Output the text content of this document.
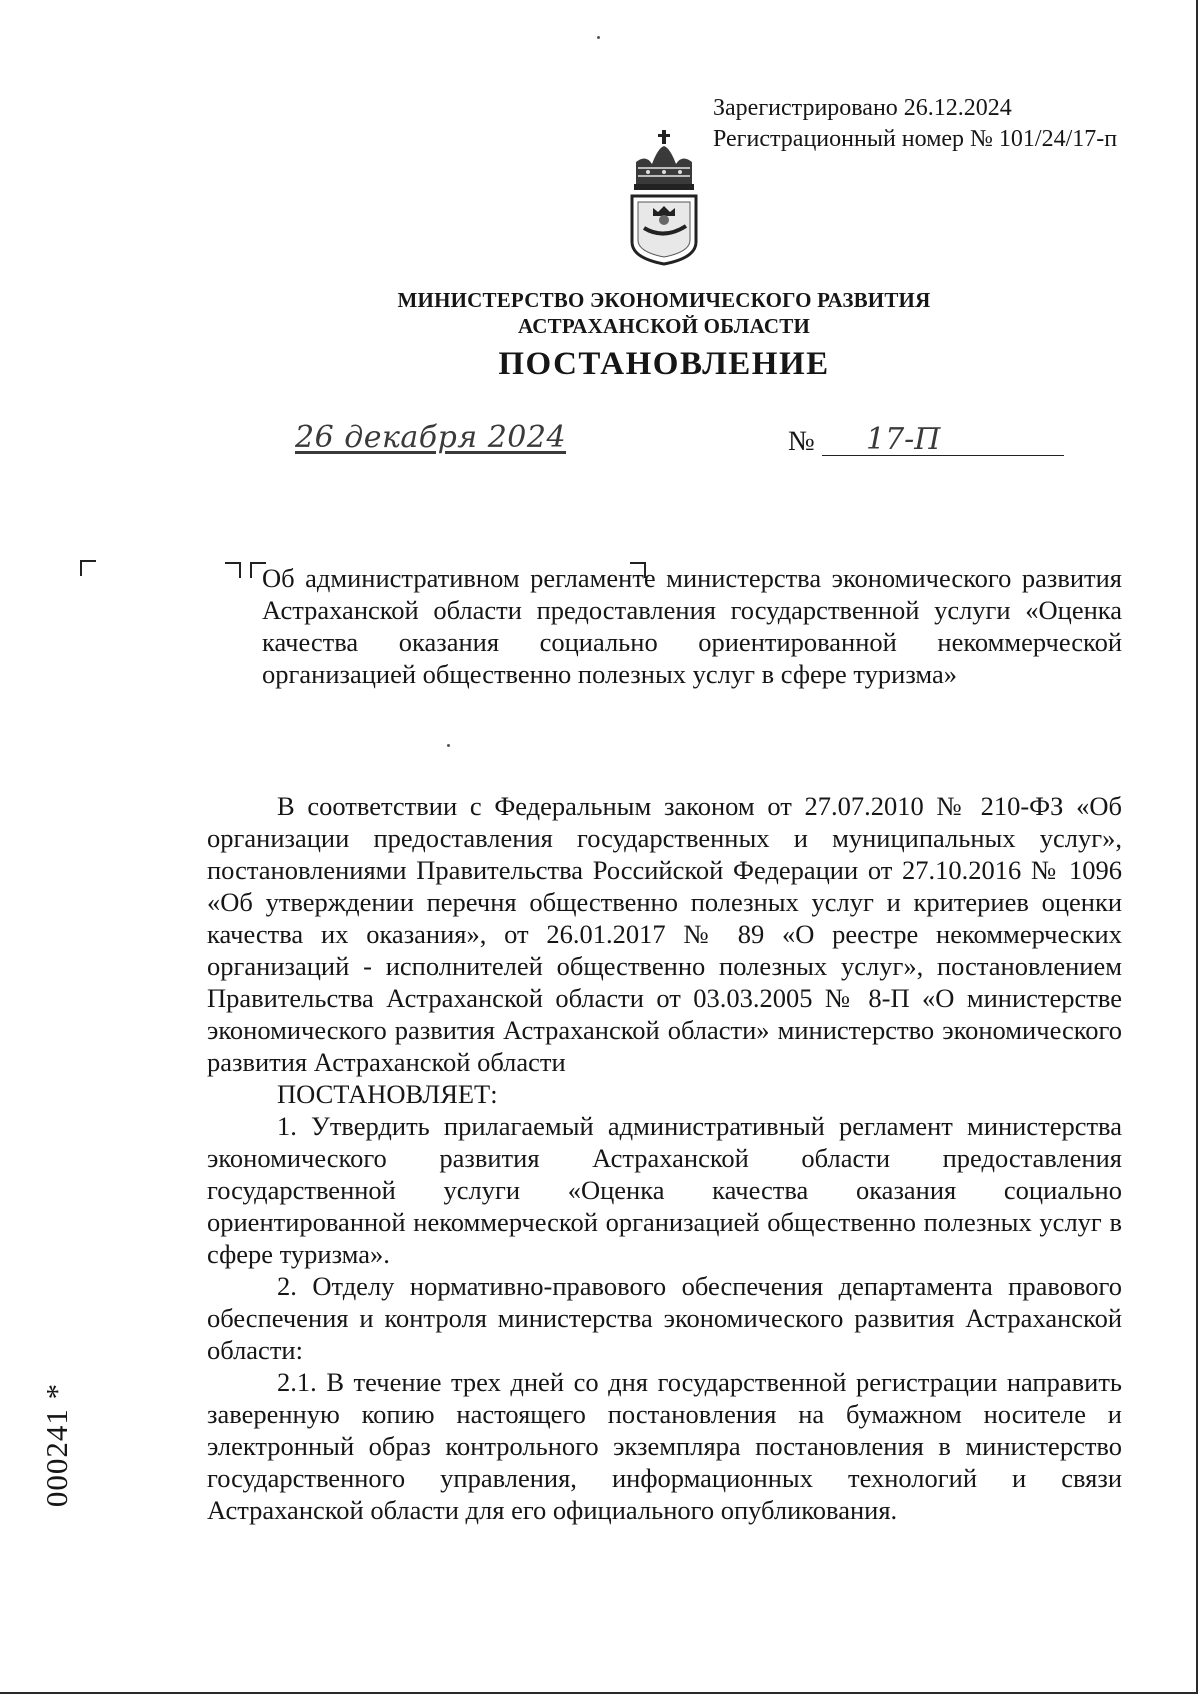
Зарегистрировано 26.12.2024
Регистрационный номер № 101/24/17-п
МИНИСТЕРСТВО ЭКОНОМИЧЕСКОГО РАЗВИТИЯ
АСТРАХАНСКОЙ ОБЛАСТИ
ПОСТАНОВЛЕНИЕ
26 декабря 2024	№ 17-П
Об административном регламенте министерства экономического развития Астраханской области предоставления государственной услуги «Оценка качества оказания социально ориентированной некоммерческой организацией общественно полезных услуг в сфере туризма»

В соответствии с Федеральным законом от 27.07.2010 № 210-ФЗ «Об организации предоставления государственных и муниципальных услуг», постановлениями Правительства Российской Федерации от 27.10.2016 № 1096 «Об утверждении перечня общественно полезных услуг и критериев оценки качества их оказания», от 26.01.2017 № 89 «О реестре некоммерческих организаций - исполнителей общественно полезных услуг», постановлением Правительства Астраханской области от 03.03.2005 № 8-П «О министерстве экономического развития Астраханской области» министерство экономического развития Астраханской области

ПОСТАНОВЛЯЕТ:

1. Утвердить прилагаемый административный регламент министерства экономического развития Астраханской области предоставления государственной услуги «Оценка качества оказания социально ориентированной некоммерческой организацией общественно полезных услуг в сфере туризма».

2. Отделу нормативно-правового обеспечения департамента правового обеспечения и контроля министерства экономического развития Астраханской области:

2.1. В течение трех дней со дня государственной регистрации направить заверенную копию настоящего постановления на бумажном носителе и электронный образ контрольного экземпляра постановления в министерство государственного управления, информационных технологий и связи Астраханской области для его официального опубликования.

000241 *
